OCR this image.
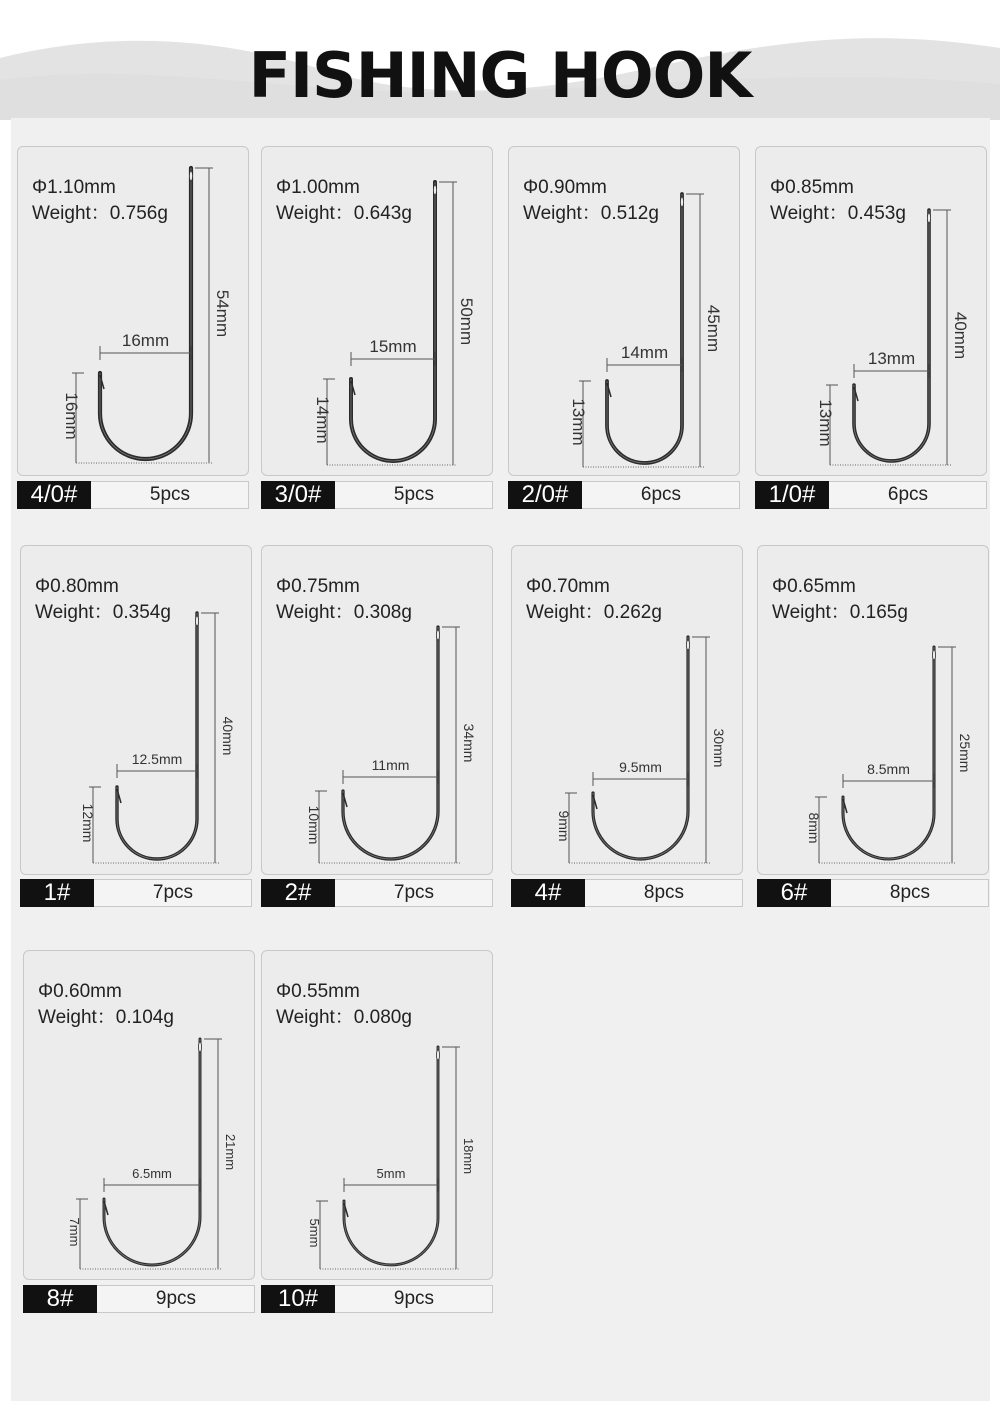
FISHING HOOK
16mm
54mm
16mm
Φ1.10mm
Weight：0.756g
4/0#	5pcs
15mm
50mm
14mm
Φ1.00mm
Weight：0.643g
3/0#	5pcs
14mm
45mm
13mm
Φ0.90mm
Weight：0.512g
2/0#	6pcs
13mm 40mm
13mm
Φ0.85mm
Weight：0.453g
1/0#	6pcs
12.5mm
40mm
12mm
Φ0.80mm
Weight：0.354g
1#	7pcs
11mm
34mm
10mm
Φ0.75mm
Weight：0.308g
2#	7pcs
9.5mm	30mm
9mm
Φ0.70mm
Weight：0.262g
4#	8pcs
8.5mm	25mm
8mm
Φ0.65mm
Weight：0.165g
6#	8pcs
6.5mm
21mm
7mm
Φ0.60mm
Weight：0.104g
8#	9pcs
5mm	18mm
5mm
Φ0.55mm
Weight：0.080g
10#	9pcs
